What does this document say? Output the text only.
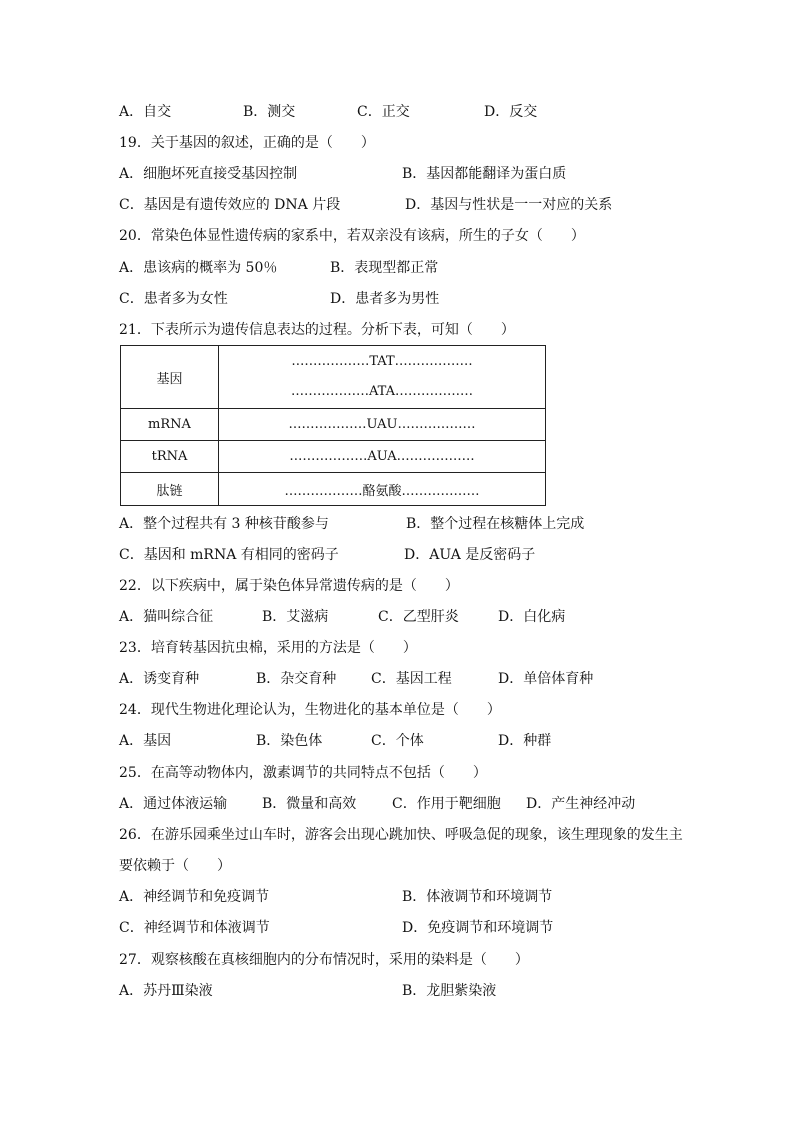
A．自交	B．测交	C．正交	D．反交
19．关于基因的叙述，正确的是（　　）
A．细胞坏死直接受基因控制	B．基因都能翻译为蛋白质
C．基因是有遗传效应的 DNA 片段	D．基因与性状是一一对应的关系
20．常染色体显性遗传病的家系中，若双亲没有该病，所生的子女（　　）
A．患该病的概率为 50％	B．表现型都正常
C．患者多为女性	D．患者多为男性
21．下表所示为遗传信息表达的过程。分析下表，可知（　　）
基因	………………TAT………………
………………ATA………………

mRNA	………………UAU………………
tRNA	………………AUA………………
肽链	………………酪氨酸………………
A．整个过程共有 3 种核苷酸参与	B．整个过程在核糖体上完成
C．基因和 mRNA 有相同的密码子	D．AUA 是反密码子
22．以下疾病中，属于染色体异常遗传病的是（　　）
A．猫叫综合征	B．艾滋病	C．乙型肝炎	D．白化病
23．培育转基因抗虫棉，采用的方法是（　　）
A．诱变育种	B．杂交育种 C．基因工程	D．单倍体育种
24．现代生物进化理论认为，生物进化的基本单位是（　　）
A．基因	B．染色体	C．个体	D．种群
25．在高等动物体内，激素调节的共同特点不包括（　　）
A．通过体液运输 B．微量和高效	C．作用于靶细胞 D．产生神经冲动
26．在游乐园乘坐过山车时，游客会出现心跳加快、呼吸急促的现象，该生理现象的发生主
要依赖于（　　）
A．神经调节和免疫调节	B．体液调节和环境调节
C．神经调节和体液调节	D．免疫调节和环境调节
27．观察核酸在真核细胞内的分布情况时，采用的染料是（　　）
A．苏丹Ⅲ染液	B．龙胆紫染液
